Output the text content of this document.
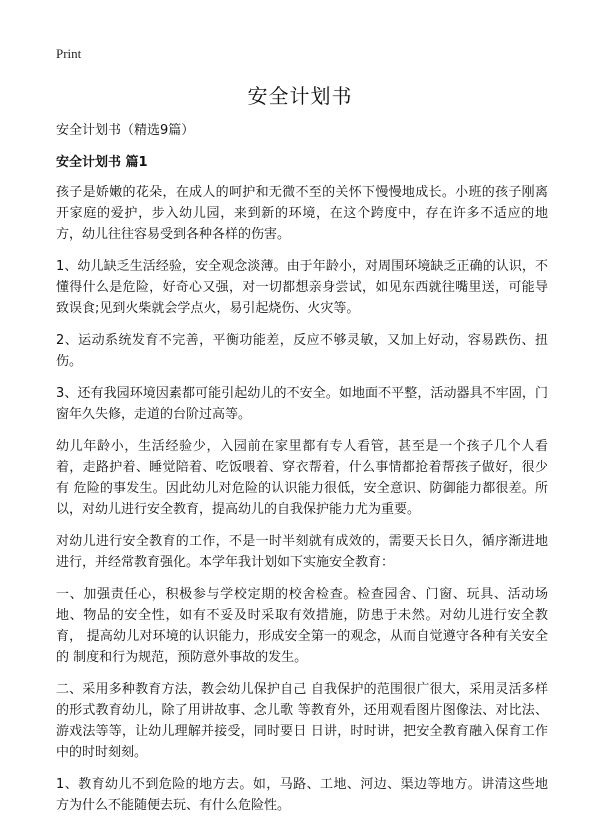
Print
安全计划书

安全计划书（精选9篇）

安全计划书 篇1

孩子是娇嫩的花朵，在成人的呵护和无微不至的关怀下慢慢地成长。小班的孩子刚离开家庭的爱护，步入幼儿园，来到新的环境，在这个跨度中，存在许多不适应的地方，幼儿往往容易受到各种各样的伤害。

1、幼儿缺乏生活经验，安全观念淡薄。由于年龄小，对周围环境缺乏正确的认识，不懂得什么是危险，好奇心又强，对一切都想亲身尝试，如见东西就往嘴里送，可能导 致误食;见到火柴就会学点火，易引起烧伤、火灾等。

2、运动系统发育不完善，平衡功能差，反应不够灵敏，又加上好动，容易跌伤、扭伤。

3、还有我园环境因素都可能引起幼儿的不安全。如地面不平整，活动器具不牢固，门窗年久失修，走道的台阶过高等。

幼儿年龄小，生活经验少，入园前在家里都有专人看管，甚至是一个孩子几个人看着，走路护着、睡觉陪着、吃饭喂着、穿衣帮着，什么事情都抢着帮孩子做好，很少有 危险的事发生。因此幼儿对危险的认识能力很低，安全意识、防御能力都很差。所以，对幼儿进行安全教育，提高幼儿的自我保护能力尤为重要。

对幼儿进行安全教育的工作，不是一时半刻就有成效的，需要天长日久，循序渐进地进行，并经常教育强化。本学年我计划如下实施安全教育：

一、加强责任心，积极参与学校定期的校舍检查。检查园舍、门窗、玩具、活动场地、物品的安全性，如有不妥及时采取有效措施，防患于未然。对幼儿进行安全教育， 提高幼儿对环境的认识能力，形成安全第一的观念，从而自觉遵守各种有关安全的 制度和行为规范，预防意外事故的发生。

二、采用多种教育方法，教会幼儿保护自己 自我保护的范围很广很大，采用灵活多样的形式教育幼儿，除了用讲故事、念儿歌 等教育外，还用观看图片图像法、对比法、游戏法等等，让幼儿理解并接受，同时要日 日讲，时时讲，把安全教育融入保育工作中的时时刻刻。

1、教育幼儿不到危险的地方去。如，马路、工地、河边、渠边等地方。讲清这些地 方为什么不能随便去玩、有什么危险性。
